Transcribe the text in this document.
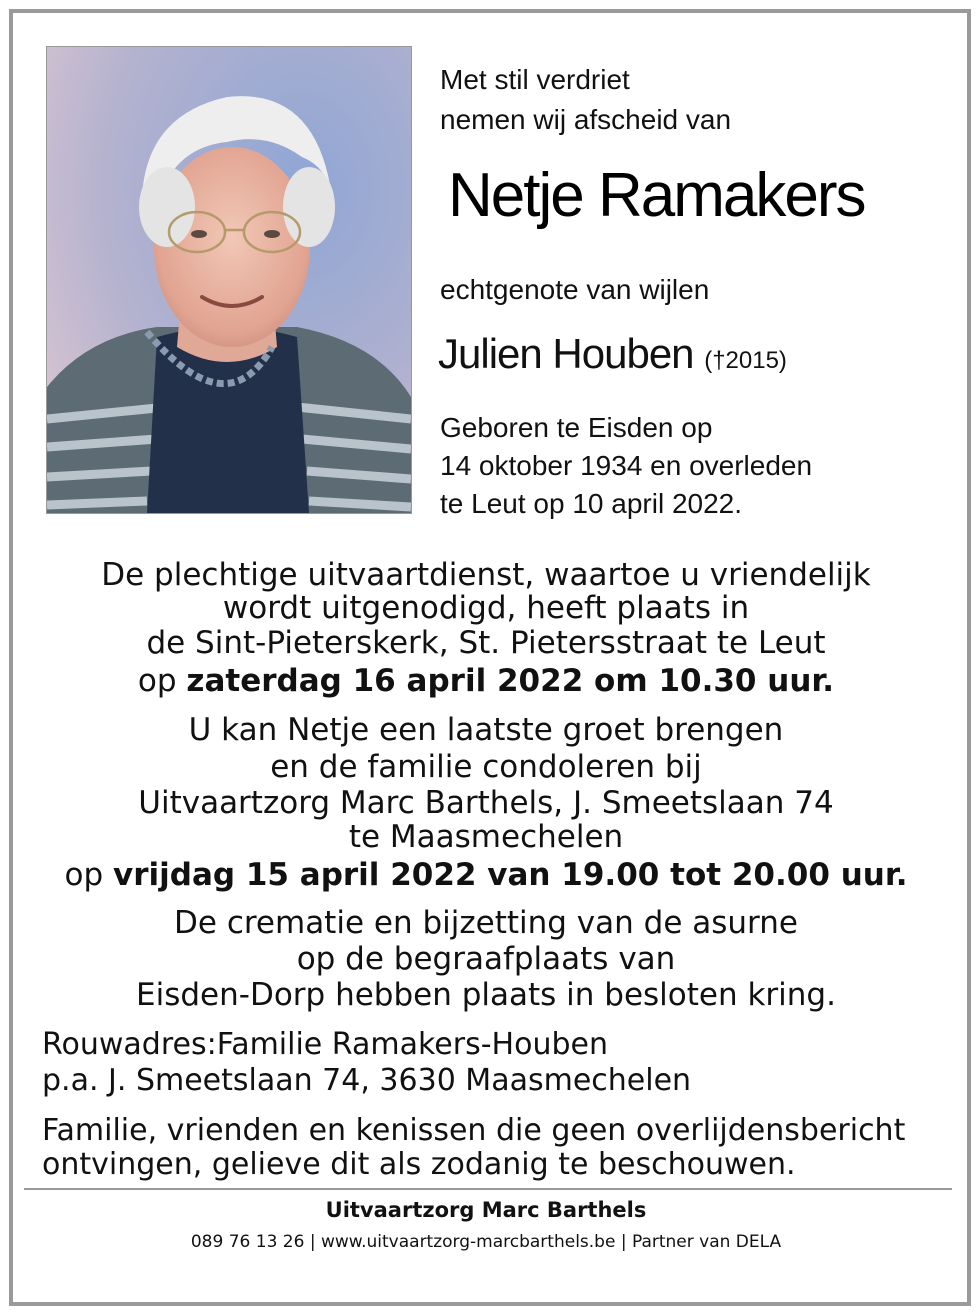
Met stil verdriet
nemen wij afscheid van
Netje Ramakers
echtgenote van wijlen
Julien Houben (†2015)
Geboren te Eisden op
14 oktober 1934 en overleden
te Leut op 10 april 2022.
De plechtige uitvaartdienst, waartoe u vriendelijk
wordt uitgenodigd, heeft plaats in
de Sint-Pieterskerk, St. Pietersstraat te Leut
op zaterdag 16 april 2022 om 10.30 uur.
U kan Netje een laatste groet brengen
en de familie condoleren bij
Uitvaartzorg Marc Barthels, J. Smeetslaan 74
te Maasmechelen
op vrijdag 15 april 2022 van 19.00 tot 20.00 uur.
De crematie en bijzetting van de asurne
op de begraafplaats van
Eisden-Dorp hebben plaats in besloten kring.
Rouwadres:Familie Ramakers-Houben
p.a. J. Smeetslaan 74, 3630 Maasmechelen
Familie, vrienden en kenissen die geen overlijdensbericht
ontvingen, gelieve dit als zodanig te beschouwen.
Uitvaartzorg Marc Barthels
089 76 13 26 | www.uitvaartzorg-marcbarthels.be | Partner van DELA
